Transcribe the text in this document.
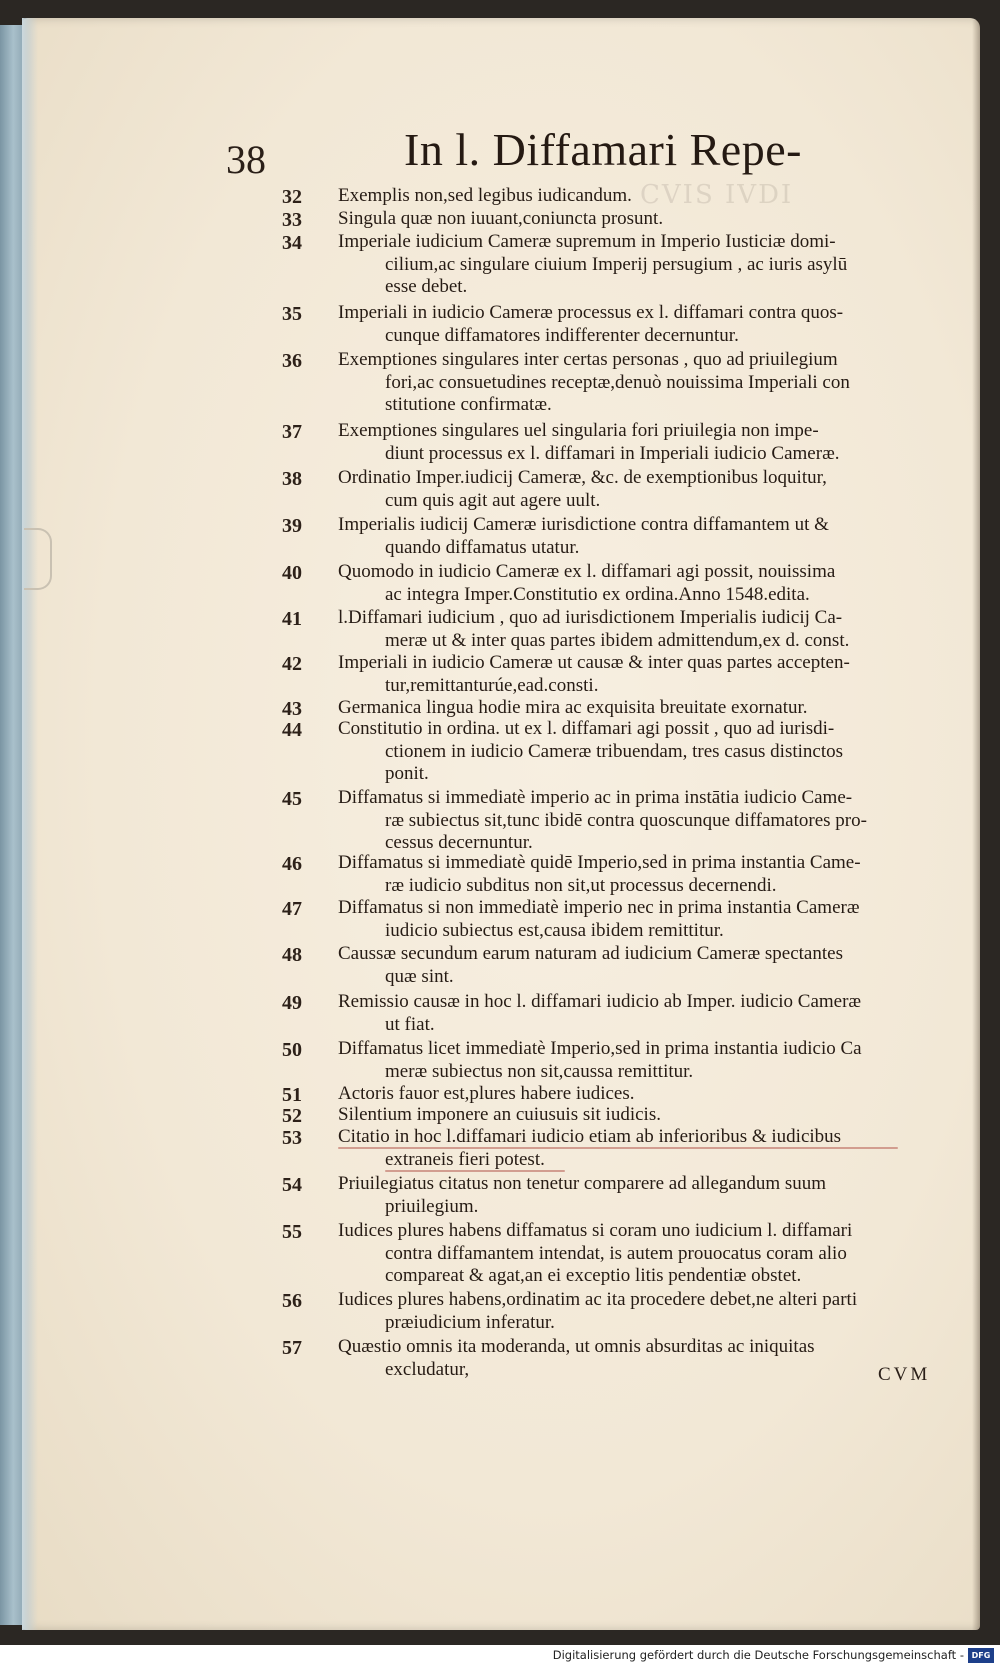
CVIS IVDI
38	In l. Diffamari Repe-
32	Exemplis non,sed legibus iudicandum.
33	Singula quæ non iuuant,coniuncta prosunt.
34	Imperiale iudicium Cameræ supremum in Imperio Iusticiæ domi-
cilium,ac singulare ciuium Imperij persugium , ac iuris asylū
esse debet.
35	Imperiali in iudicio Cameræ processus ex l. diffamari contra quos-
cunque diffamatores indifferenter decernuntur.
36	Exemptiones singulares inter certas personas , quo ad priuilegium
fori,ac consuetudines receptæ,denuò nouissima Imperiali con
stitutione confirmatæ.
37	Exemptiones singulares uel singularia fori priuilegia non impe-
diunt processus ex l. diffamari in Imperiali iudicio Cameræ.
38	Ordinatio Imper.iudicij Cameræ, &c. de exemptionibus loquitur,
cum quis agit aut agere uult.
39	Imperialis iudicij Cameræ iurisdictione contra diffamantem ut &
quando diffamatus utatur.
40	Quomodo in iudicio Cameræ ex l. diffamari agi possit, nouissima
ac integra Imper.Constitutio ex ordina.Anno 1548.edita.
41	l.Diffamari iudicium , quo ad iurisdictionem Imperialis iudicij Ca-
meræ ut & inter quas partes ibidem admittendum,ex d. const.
42	Imperiali in iudicio Cameræ ut causæ & inter quas partes accepten-
tur,remittanturúe,ead.consti.
43	Germanica lingua hodie mira ac exquisita breuitate exornatur.
44	Constitutio in ordina. ut ex l. diffamari agi possit , quo ad iurisdi-
ctionem in iudicio Cameræ tribuendam, tres casus distinctos
ponit.
45	Diffamatus si immediatè imperio ac in prima instātia iudicio Came-
ræ subiectus sit,tunc ibidē contra quoscunque diffamatores pro-
cessus decernuntur.
46	Diffamatus si immediatè quidē Imperio,sed in prima instantia Came-
ræ iudicio subditus non sit,ut processus decernendi.
47	Diffamatus si non immediatè imperio nec in prima instantia Cameræ
iudicio subiectus est,causa ibidem remittitur.
48	Caussæ secundum earum naturam ad iudicium Cameræ spectantes
quæ sint.
49	Remissio causæ in hoc l. diffamari iudicio ab Imper. iudicio Cameræ
ut fiat.
50	Diffamatus licet immediatè Imperio,sed in prima instantia iudicio Ca
meræ subiectus non sit,caussa remittitur.
51	Actoris fauor est,plures habere iudices.
52	Silentium imponere an cuiusuis sit iudicis.
53	Citatio in hoc l.diffamari iudicio etiam ab inferioribus & iudicibus
extraneis fieri potest.
54	Priuilegiatus citatus non tenetur comparere ad allegandum suum
priuilegium.
55	Iudices plures habens diffamatus si coram uno iudicium l. diffamari
contra diffamantem intendat, is autem prouocatus coram alio
compareat & agat,an ei exceptio litis pendentiæ obstet.
56	Iudices plures habens,ordinatim ac ita procedere debet,ne alteri parti
præiudicium inferatur.
57	Quæstio omnis ita moderanda, ut omnis absurditas ac iniquitas
excludatur,	CVM
Digitalisierung gefördert durch die Deutsche Forschungsgemeinschaft - DFG
